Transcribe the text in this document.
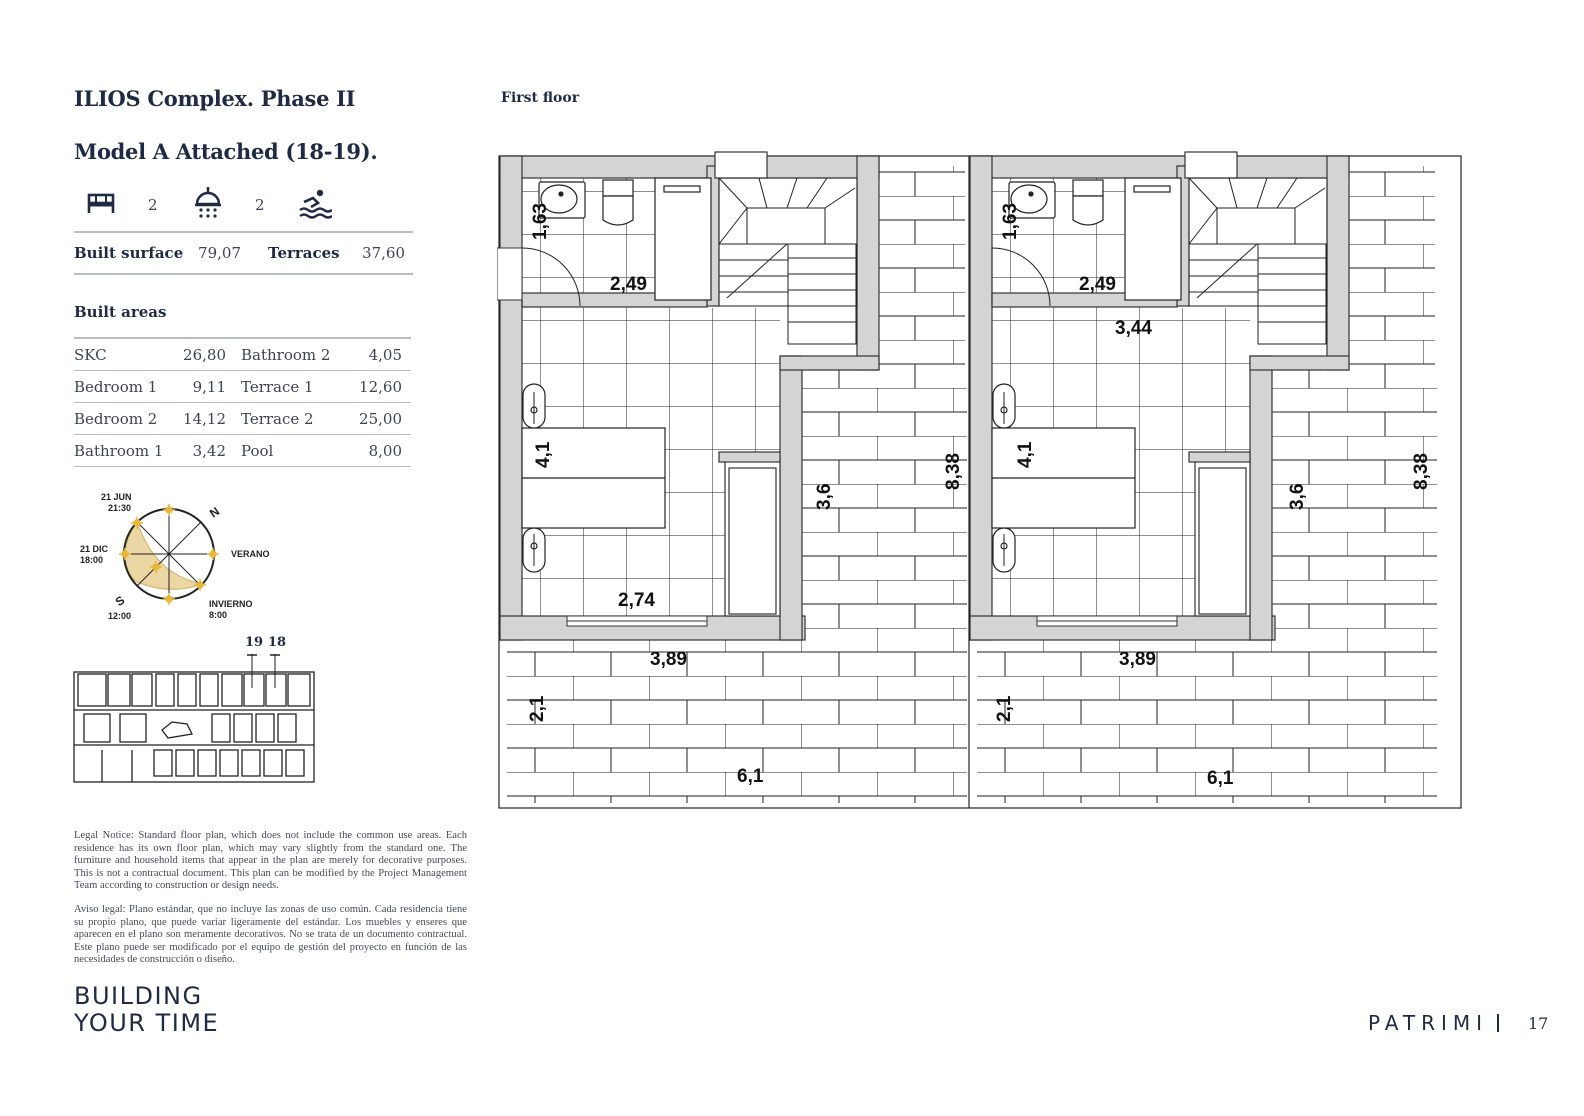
ILIOS Complex. Phase II
Model A Attached (18-19).
2	2
Built surface 79,07 Terraces	37,60
Built areas
SKC	26,80 Bathroom 2	4,05
Bedroom 1	9,11 Terrace 1	12,60
Bedroom 2	14,12 Terrace 2	25,00
Bathroom 1	3,42 Pool	8,00
21 JUN
21:30
21 DIC
18:00
VERANO
INVIERNO
8:00
12:00
N
S
19 18
Legal Notice: Standard floor plan, which does not include the common use areas. Each residence has its own floor plan, which may vary slightly from the standard one. The furniture and household items that appear in the plan are merely for decorative purposes. This is not a contractual document. This plan can be modified by the Project Management Team according to construction or design needs.
Aviso legal: Plano estándar, que no incluye las zonas de uso común. Cada residencia tiene su propio plano, que puede variar ligeramente del estándar. Los muebles y enseres que aparecen en el plano son meramente decorativos. No se trata de un documento contractual. Este plano puede ser modificado por el equipo de gestión del proyecto en función de las necesidades de construcción o diseño.
BUILDING
YOUR TIME
First floor
1,63
2,49
4,1
3,6
8,38
2,74
3,89
2,1
6,1
1,63
2,49
3,44
4,1
3,6
8,38
3,89
2,1
6,1
PATRIMI 17
